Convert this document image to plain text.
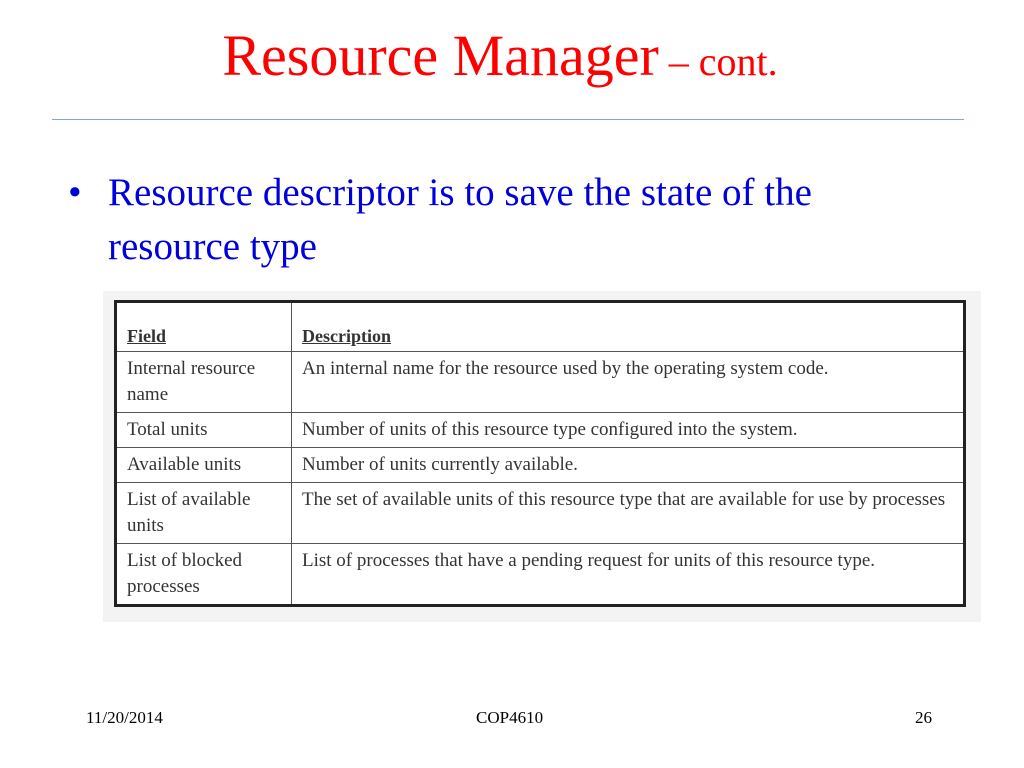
Resource Manager – cont.
• Resource descriptor is to save the state of the resource type
Field	Description
Internal resource name	An internal name for the resource used by the operating system code.
Total units	Number of units of this resource type configured into the system.
Available units	Number of units currently available.
List of available units	The set of available units of this resource type that are available for use by processes
List of blocked processes	List of processes that have a pending request for units of this resource type.
11/20/2014	COP4610	26
